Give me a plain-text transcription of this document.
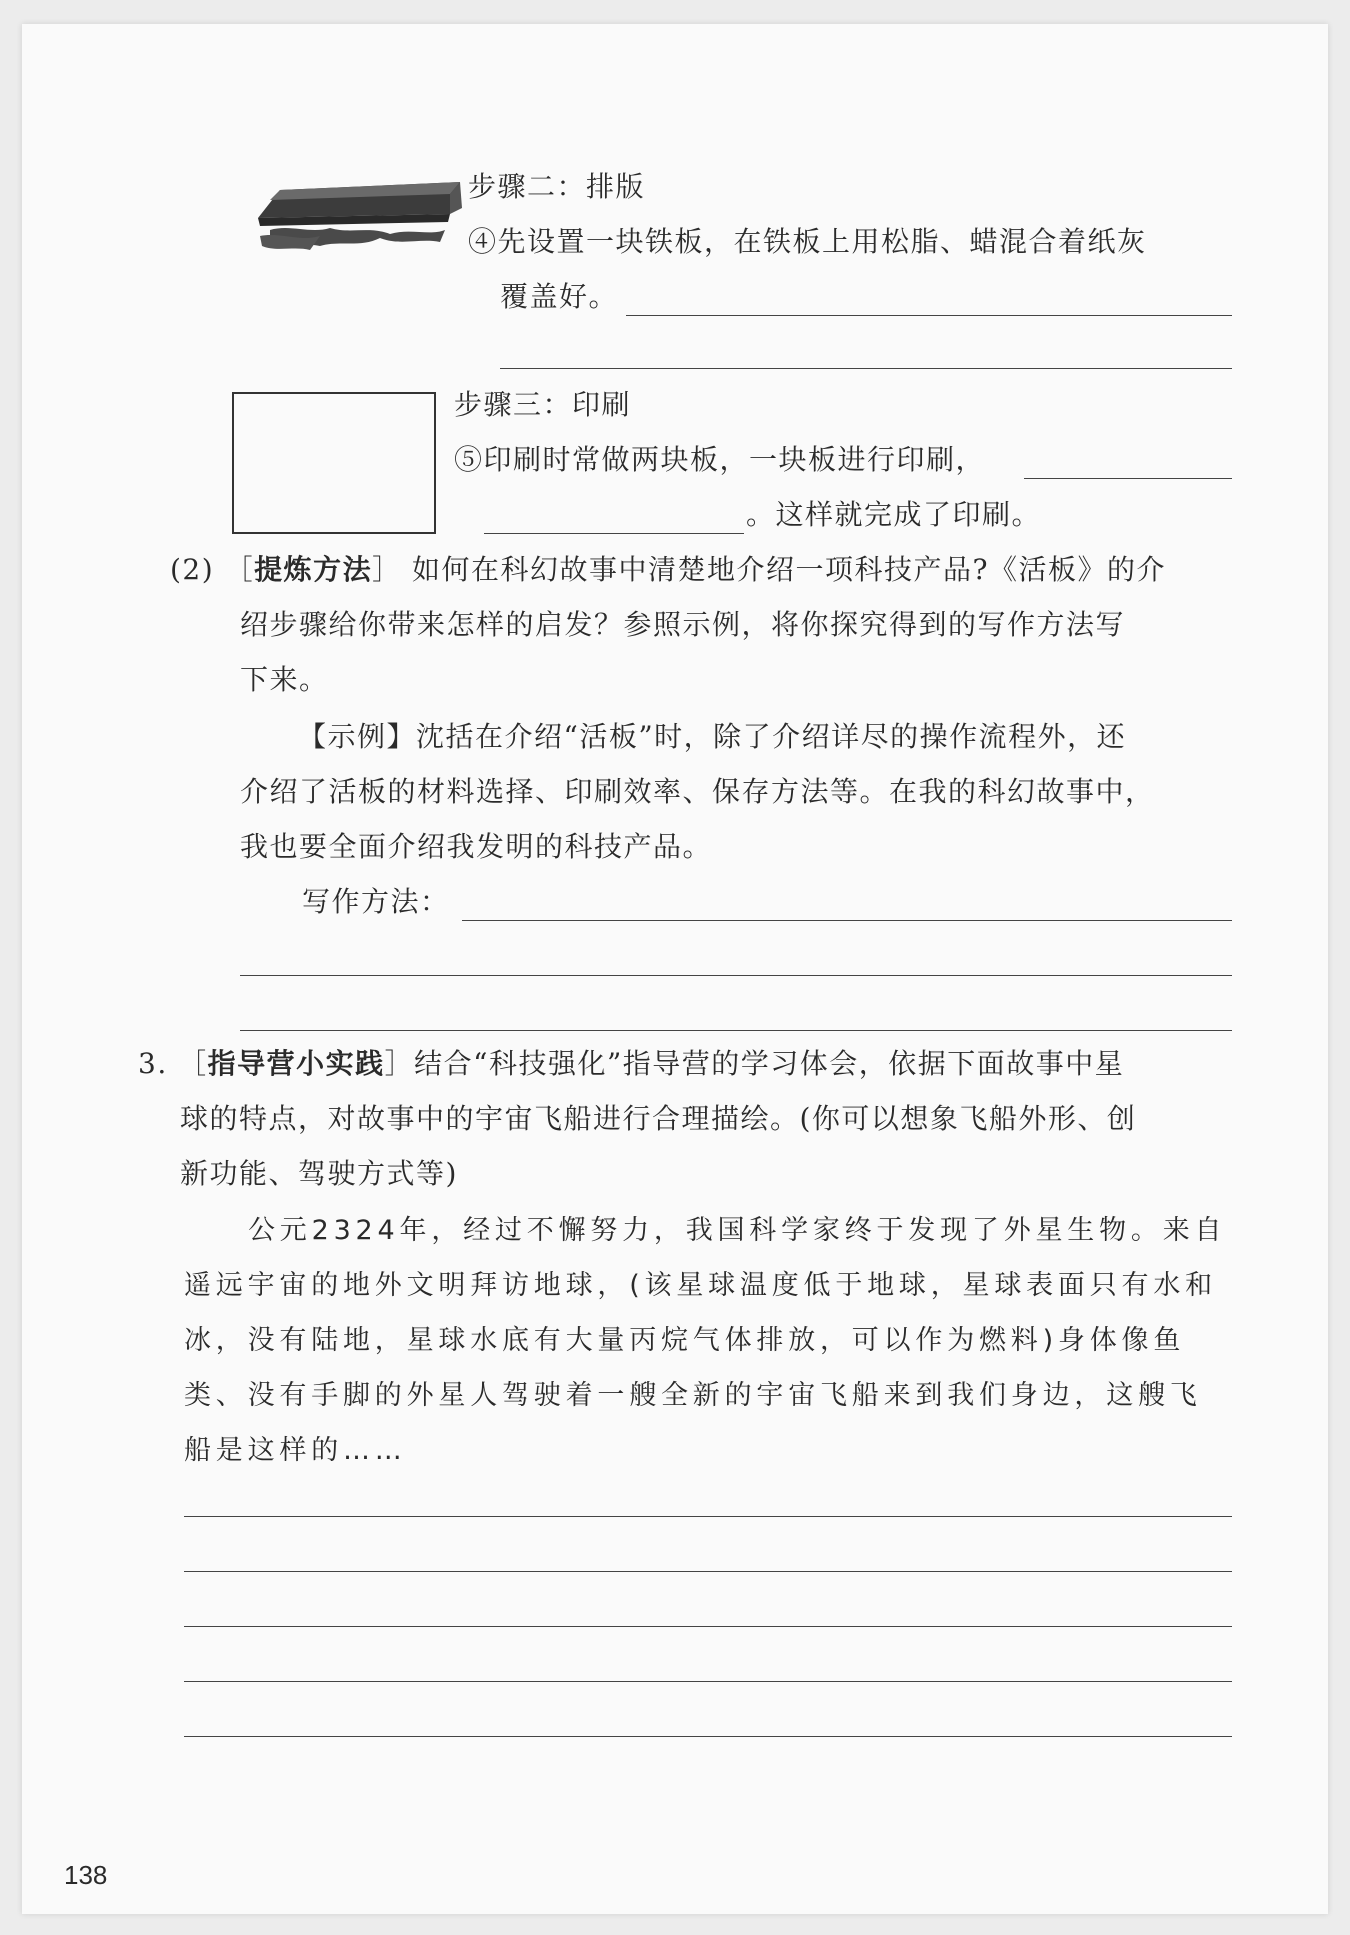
步骤二：排版
④先设置一块铁板，在铁板上用松脂、蜡混合着纸灰
覆盖好。
步骤三：印刷
⑤印刷时常做两块板，一块板进行印刷，
。这样就完成了印刷。
(2) ［提炼方法］ 如何在科幻故事中清楚地介绍一项科技产品?《活板》的介
绍步骤给你带来怎样的启发？参照示例，将你探究得到的写作方法写
下来。
【示例】沈括在介绍“活板”时，除了介绍详尽的操作流程外，还
介绍了活板的材料选择、印刷效率、保存方法等。在我的科幻故事中，
我也要全面介绍我发明的科技产品。
写作方法：
3. ［指导营小实践］结合“科技强化”指导营的学习体会，依据下面故事中星
球的特点，对故事中的宇宙飞船进行合理描绘。(你可以想象飞船外形、创
新功能、驾驶方式等)
公元2324年，经过不懈努力，我国科学家终于发现了外星生物。来自
遥远宇宙的地外文明拜访地球，(该星球温度低于地球，星球表面只有水和
冰，没有陆地，星球水底有大量丙烷气体排放，可以作为燃料)身体像鱼
类、没有手脚的外星人驾驶着一艘全新的宇宙飞船来到我们身边，这艘飞
船是这样的……
138
